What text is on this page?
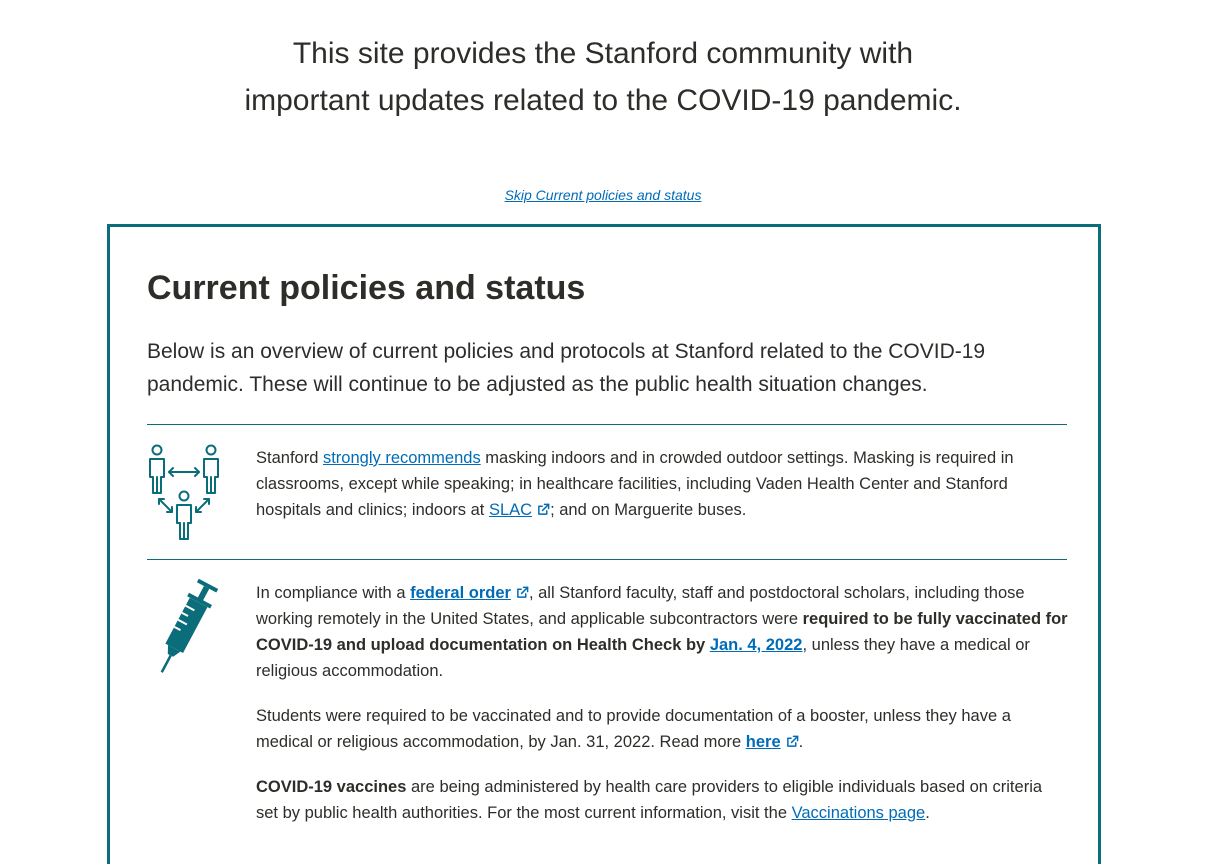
This site provides the Stanford community with
important updates related to the COVID-19 pandemic.
Skip Current policies and status
Current policies and status

Below is an overview of current policies and protocols at Stanford related to the COVID-19 pandemic. These will continue to be adjusted as the public health situation changes.

Stanford strongly recommends masking indoors and in crowded outdoor settings. Masking is required in classrooms, except while speaking; in healthcare facilities, including Vaden Health Center and Stanford hospitals and clinics; indoors at SLAC ; and on Marguerite buses.

In compliance with a federal order , all Stanford faculty, staff and postdoctoral scholars, including those working remotely in the United States, and applicable subcontractors were required to be fully vaccinated for COVID-19 and upload documentation on Health Check by Jan. 4, 2022, unless they have a medical or religious accommodation.

Students were required to be vaccinated and to provide documentation of a booster, unless they have a medical or religious accommodation, by Jan. 31, 2022. Read more here .

COVID-19 vaccines are being administered by health care providers to eligible individuals based on criteria set by public health authorities. For the most current information, visit the Vaccinations page.
